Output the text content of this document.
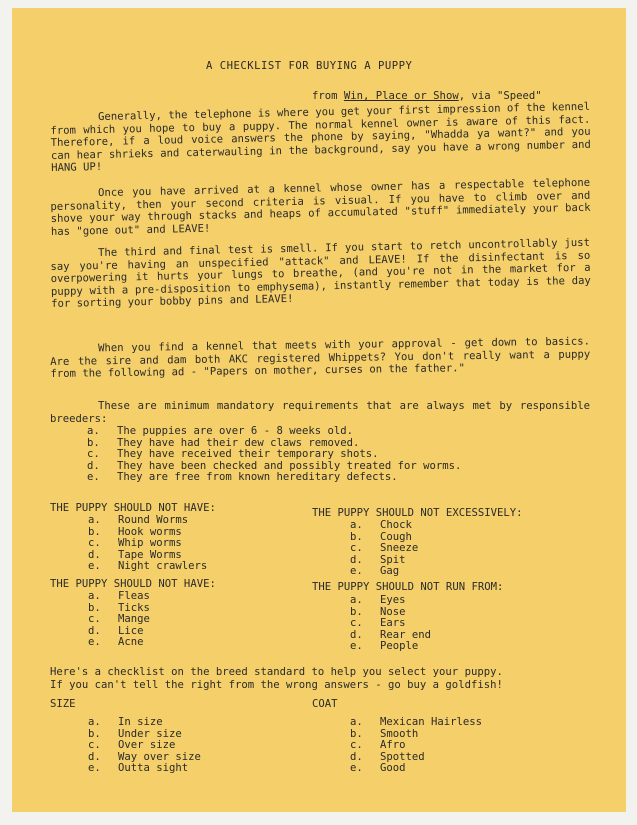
A CHECKLIST FOR BUYING A PUPPY
from Win, Place or Show, via "Speed"

Generally, the telephone is where you get your first impression of the kennel from which you hope to buy a puppy. The normal kennel owner is aware of this fact. Therefore, if a loud voice answers the phone by saying, "Whadda ya want?" and you can hear shrieks and caterwauling in the background, say you have a wrong number and HANG UP!

Once you have arrived at a kennel whose owner has a respectable telephone personality, then your second criteria is visual. If you have to climb over and shove your way through stacks and heaps of accumulated "stuff" immediately your back has "gone out" and LEAVE!

The third and final test is smell. If you start to retch uncontrollably just say you're having an unspecified "attack" and LEAVE! If the disinfectant is so overpowering it hurts your lungs to breathe, (and you're not in the market for a puppy with a pre-disposition to emphysema), instantly remember that today is the day for sorting your bobby pins and LEAVE!

When you find a kennel that meets with your approval - get down to basics. Are the sire and dam both AKC registered Whippets? You don't really want a puppy from the following ad - "Papers on mother, curses on the father."

These are minimum mandatory requirements that are always met by responsible breeders:

a. The puppies are over 6 - 8 weeks old.
b. They have had their dew claws removed.
c. They have received their temporary shots.
d. They have been checked and possibly treated for worms.
e. They are free from known hereditary defects.
THE PUPPY SHOULD NOT HAVE:
a. Round Worms
b. Hook worms
c. Whip worms
d. Tape Worms
e. Night crawlers
THE PUPPY SHOULD NOT EXCESSIVELY:
a. Chock
b. Cough
c. Sneeze
d. Spit
e. Gag
THE PUPPY SHOULD NOT HAVE:
a. Fleas
b. Ticks
c. Mange
d. Lice
e. Acne
THE PUPPY SHOULD NOT RUN FROM:
a. Eyes
b. Nose
c. Ears
d. Rear end
e. People
Here's a checklist on the breed standard to help you select your puppy.
If you can't tell the right from the wrong answers - go buy a goldfish!
SIZE
a. In size
b. Under size
c. Over size
d. Way over size
e. Outta sight
COAT
a. Mexican Hairless
b. Smooth
c. Afro
d. Spotted
e. Good
